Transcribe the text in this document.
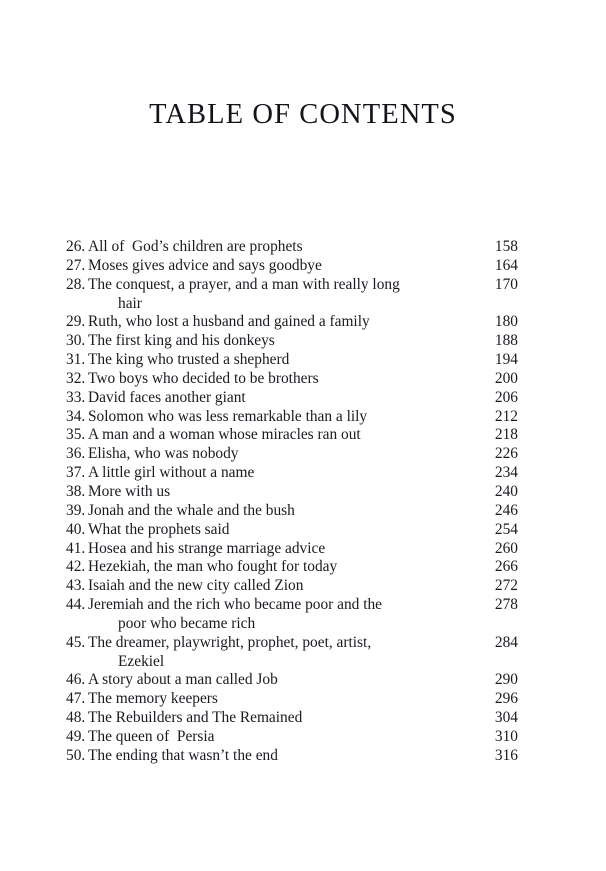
TABLE OF CONTENTS
26. All of  God’s children are prophets	158
27. Moses gives advice and says goodbye	164
28. The conquest, a prayer, and a man with really long	170
hair
29. Ruth, who lost a husband and gained a family	180
30. The first king and his donkeys	188
31. The king who trusted a shepherd	194
32. Two boys who decided to be brothers	200
33. David faces another giant	206
34. Solomon who was less remarkable than a lily	212
35. A man and a woman whose miracles ran out	218
36. Elisha, who was nobody	226
37. A little girl without a name	234
38. More with us	240
39. Jonah and the whale and the bush	246
40. What the prophets said	254
41. Hosea and his strange marriage advice	260
42. Hezekiah, the man who fought for today	266
43. Isaiah and the new city called Zion	272
44. Jeremiah and the rich who became poor and the	278
poor who became rich
45. The dreamer, playwright, prophet, poet, artist,	284
Ezekiel
46. A story about a man called Job	290
47. The memory keepers	296
48. The Rebuilders and The Remained	304
49. The queen of  Persia	310
50. The ending that wasn’t the end	316
